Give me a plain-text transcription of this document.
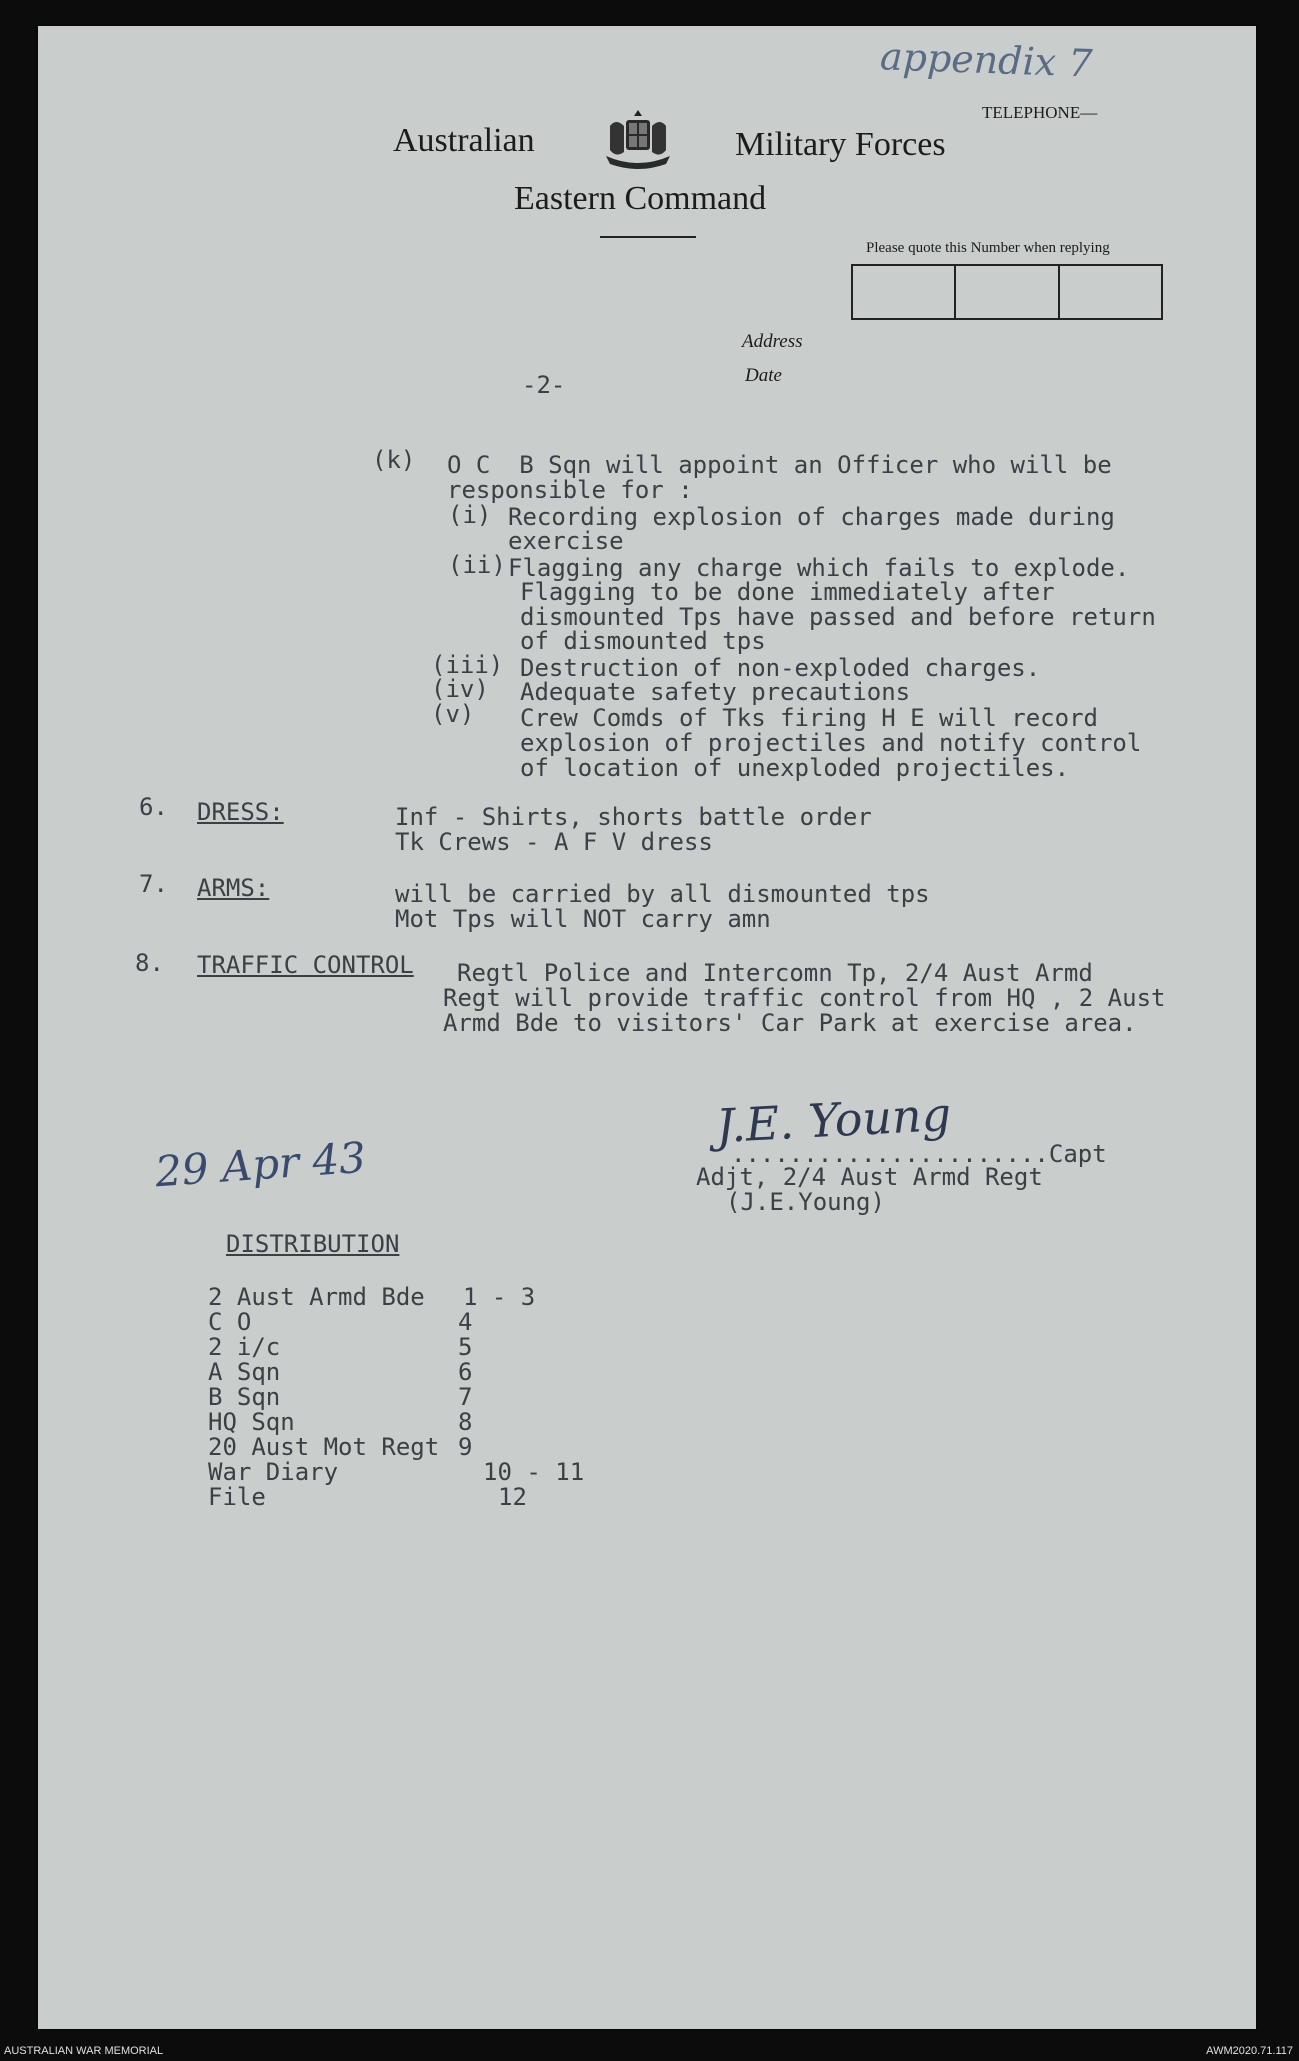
appendix 7
TELEPHONE—
Australian	Military Forces
Eastern Command
Please quote this Number when replying
Address
Date
-2-
(k) O C  B Sqn will appoint an Officer who will be
responsible for :
(i) Recording explosion of charges made during
exercise
(ii) Flagging any charge which fails to explode.
Flagging to be done immediately after
dismounted Tps have passed and before return
of dismounted tps
(iii) Destruction of non-exploded charges.
(iv) Adequate safety precautions
(v) Crew Comds of Tks firing H E will record
explosion of projectiles and notify control
of location of unexploded projectiles.
6. DRESS:	Inf - Shirts, shorts battle order
Tk Crews - A F V dress
7. ARMS:	will be carried by all dismounted tps
Mot Tps will NOT carry amn
8. TRAFFIC CONTROL Regtl Police and Intercomn Tp, 2/4 Aust Armd
Regt will provide traffic control from HQ , 2 Aust
Armd Bde to visitors' Car Park at exercise area.
J.E. Young
......................Capt
Adjt, 2/4 Aust Armd Regt
(J.E.Young)
29 Apr 43
DISTRIBUTION
2 Aust Armd Bde 1 - 3
C O	4
2 i/c	5
A Sqn	6
B Sqn	7
HQ Sqn	8
20 Aust Mot Regt 9
War Diary	10 - 11
File	12
AUSTRALIAN WAR MEMORIAL	AWM2020.71.117
